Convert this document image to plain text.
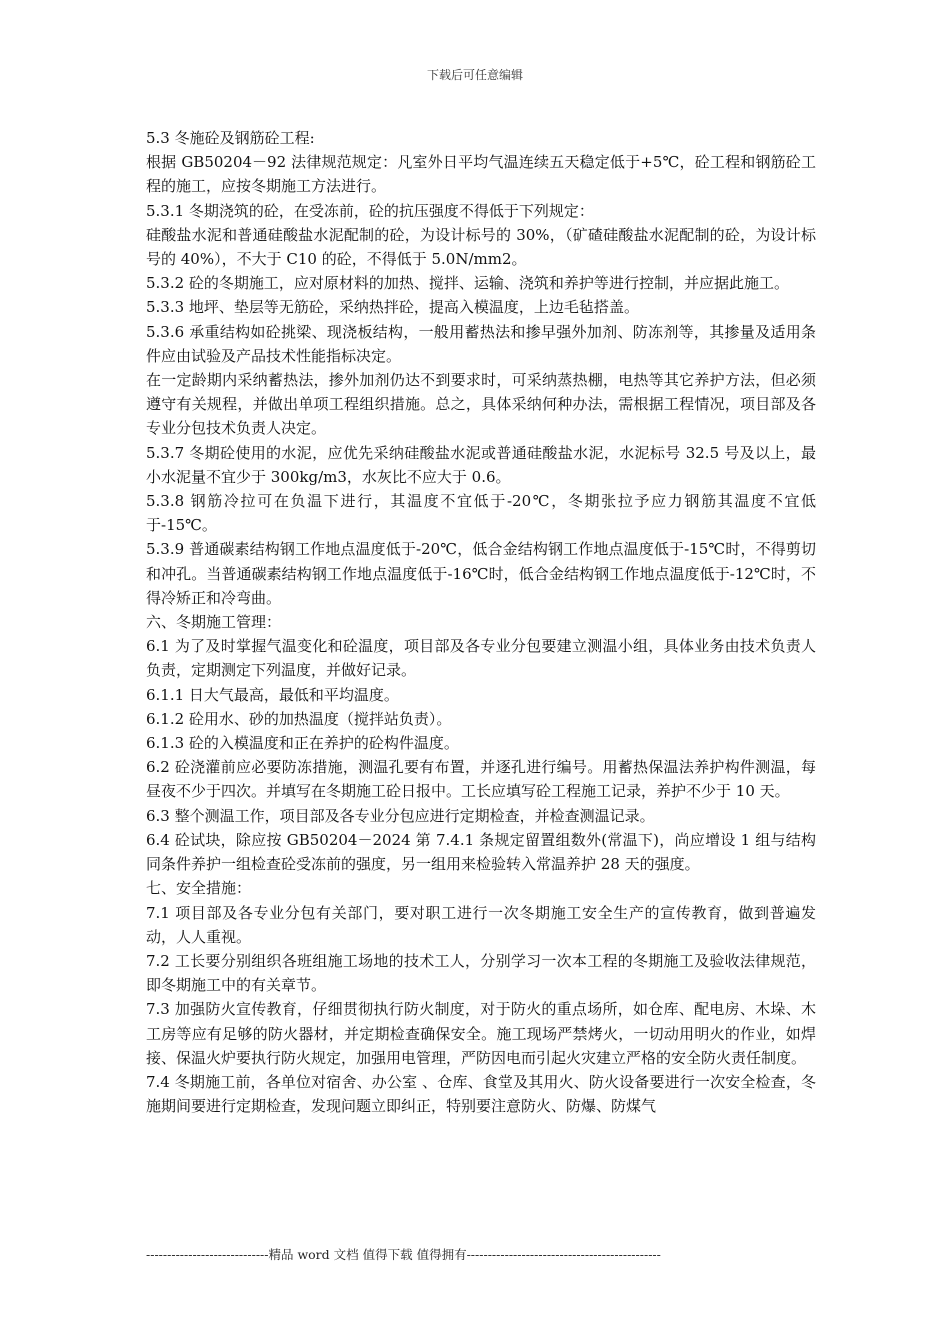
下载后可任意编辑

5.3 冬施砼及钢筋砼工程:

根据 GB50204－92 法律规范规定：凡室外日平均气温连续五天稳定低于+5℃，砼工程和钢筋砼工程的施工，应按冬期施工方法进行。

5.3.1 冬期浇筑的砼，在受冻前，砼的抗压强度不得低于下列规定：

硅酸盐水泥和普通硅酸盐水泥配制的砼，为设计标号的 30%，（矿碴硅酸盐水泥配制的砼，为设计标号的 40%），不大于 C10 的砼，不得低于 5.0N/mm2。

5.3.2 砼的冬期施工，应对原材料的加热、搅拌、运输、浇筑和养护等进行控制，并应据此施工。

5.3.3 地坪、垫层等无筋砼，采纳热拌砼，提高入模温度，上边毛毡搭盖。

5.3.6 承重结构如砼挑梁、现浇板结构，一般用蓄热法和掺早强外加剂、防冻剂等，其掺量及适用条件应由试验及产品技术性能指标决定。

在一定龄期内采纳蓄热法，掺外加剂仍达不到要求时，可采纳蒸热棚，电热等其它养护方法，但必须遵守有关规程，并做出单项工程组织措施。总之，具体采纳何种办法，需根据工程情况，项目部及各专业分包技术负责人决定。

5.3.7 冬期砼使用的水泥，应优先采纳硅酸盐水泥或普通硅酸盐水泥，水泥标号 32.5 号及以上，最小水泥量不宜少于 300kg/m3，水灰比不应大于 0.6。

5.3.8 钢筋冷拉可在负温下进行，其温度不宜低于-20℃，冬期张拉予应力钢筋其温度不宜低于-15℃。

5.3.9 普通碳素结构钢工作地点温度低于-20℃，低合金结构钢工作地点温度低于-15℃时，不得剪切和冲孔。当普通碳素结构钢工作地点温度低于-16℃时，低合金结构钢工作地点温度低于-12℃时，不得冷矫正和冷弯曲。

六、冬期施工管理：

6.1 为了及时掌握气温变化和砼温度，项目部及各专业分包要建立测温小组，具体业务由技术负责人负责，定期测定下列温度，并做好记录。

6.1.1 日大气最高，最低和平均温度。

6.1.2 砼用水、砂的加热温度（搅拌站负责）。

6.1.3 砼的入模温度和正在养护的砼构件温度。

6.2 砼浇灌前应必要防冻措施，测温孔要有布置，并逐孔进行编号。用蓄热保温法养护构件测温，每昼夜不少于四次。并填写在冬期施工砼日报中。工长应填写砼工程施工记录，养护不少于 10 天。

6.3 整个测温工作，项目部及各专业分包应进行定期检查，并检查测温记录。

6.4 砼试块，除应按 GB50204－2024 第 7.4.1 条规定留置组数外(常温下)，尚应增设 1 组与结构同条件养护一组检查砼受冻前的强度，另一组用来检验转入常温养护 28 天的强度。

七、安全措施：

7.1 项目部及各专业分包有关部门，要对职工进行一次冬期施工安全生产的宣传教育，做到普遍发动，人人重视。

7.2 工长要分别组织各班组施工场地的技术工人，分别学习一次本工程的冬期施工及验收法律规范，即冬期施工中的有关章节。

7.3 加强防火宣传教育，仔细贯彻执行防火制度，对于防火的重点场所，如仓库、配电房、木垛、木工房等应有足够的防火器材，并定期检查确保安全。施工现场严禁烤火，一切动用明火的作业，如焊接、保温火炉要执行防火规定，加强用电管理，严防因电而引起火灾建立严格的安全防火责任制度。

7.4 冬期施工前，各单位对宿舍、办公室 、仓库、食堂及其用火、防火设备要进行一次安全检查，冬施期间要进行定期检查，发现问题立即纠正，特别要注意防火、防爆、防煤气

-----------------------------精品 word 文档 值得下载 值得拥有----------------------------------------------
